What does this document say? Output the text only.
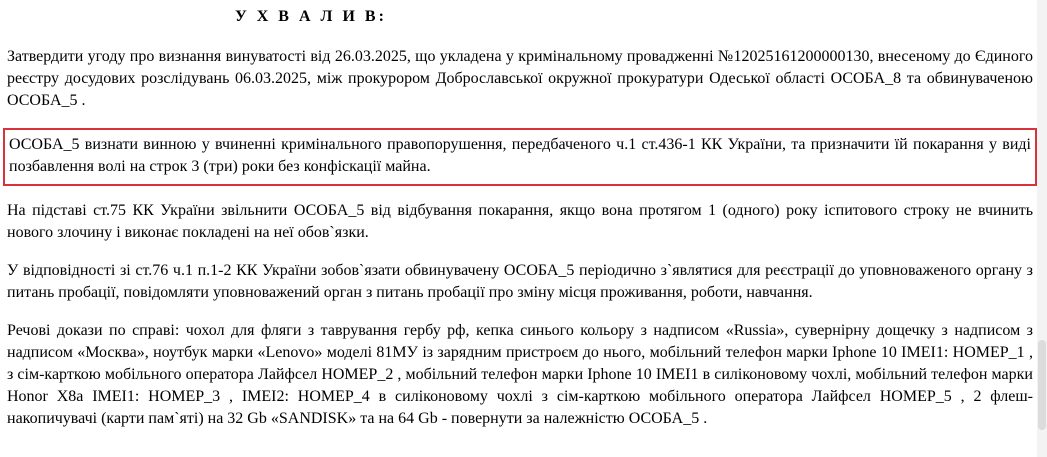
У Х В А Л И В:

Затвердити угоду про визнання винуватості від 26.03.2025, що укладена у кримінальному провадженні №12025161200000130, внесеному до Єдиного реєстру досудових розслідувань 06.03.2025, між прокурором Доброславської окружної прокуратури Одеської області ОСОБА_8 та обвинуваченою ОСОБА_5 .

ОСОБА_5 визнати винною у вчиненні кримінального правопорушення, передбаченого ч.1 ст.436-1 КК України, та призначити їй покарання у виді позбавлення волі на строк 3 (три) роки без конфіскації майна.

На підставі ст.75 КК України звільнити ОСОБА_5 від відбування покарання, якщо вона протягом 1 (одного) року іспитового строку не вчинить нового злочину і виконає покладені на неї обов`язки.

У відповідності зі ст.76 ч.1 п.1-2 КК України зобов`язати обвинувачену ОСОБА_5 періодично з`являтися для реєстрації до уповноваженого органу з питань пробації, повідомляти уповноважений орган з питань пробації про зміну місця проживання, роботи, навчання.

Речові докази по справі: чохол для фляги з таврування гербу рф, кепка синього кольору з надписом «Russia», сувернірну дощечку з надписом з надписом «Москва», ноутбук марки «Lenovo» моделі 81МУ із зарядним пристроєм до нього, мобільний телефон марки Iphone 10 IMEI1: НОМЕР_1 , з сім-карткою мобільного оператора Лайфсел НОМЕР_2 , мобільний телефон марки Iphone 10 IMEI1 в силіконовому чохлі, мобільний телефон марки Honor X8a IMEI1: НОМЕР_3 , IMEI2: НОМЕР_4 в силіконовому чохлі з сім-карткою мобільного оператора Лайфсел НОМЕР_5 , 2 флеш-накопичувачі (карти пам`яті) на 32 Gb «SANDISK» та на 64 Gb - повернути за належністю ОСОБА_5 .
